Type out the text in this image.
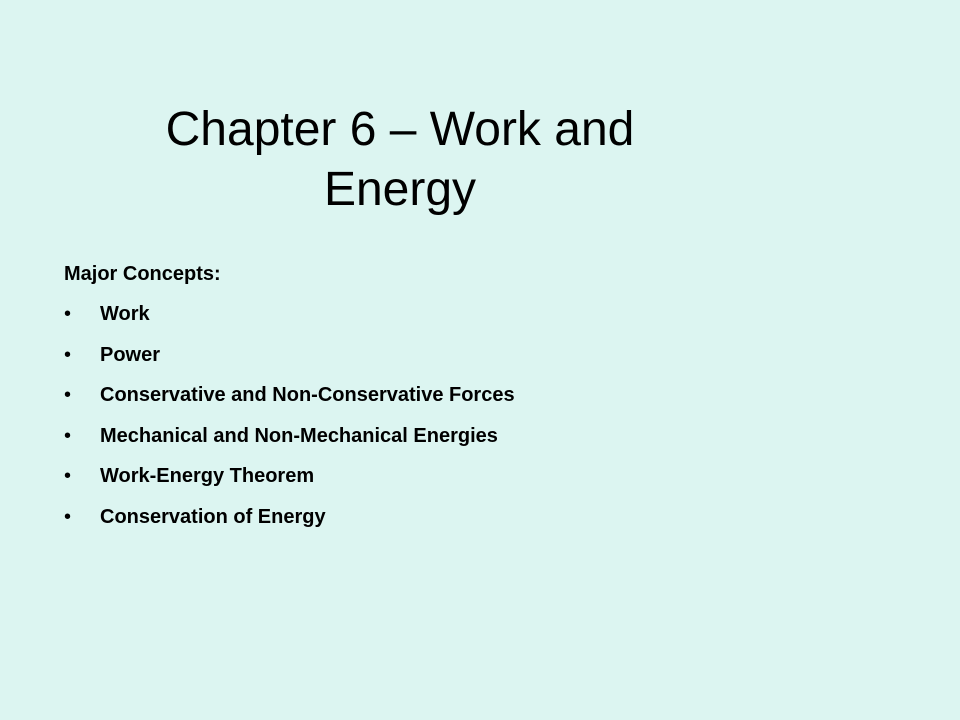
Chapter 6 – Work and
Energy
Major Concepts:
• Work
• Power
• Conservative and Non-Conservative Forces
• Mechanical and Non-Mechanical Energies
• Work-Energy Theorem
• Conservation of Energy
